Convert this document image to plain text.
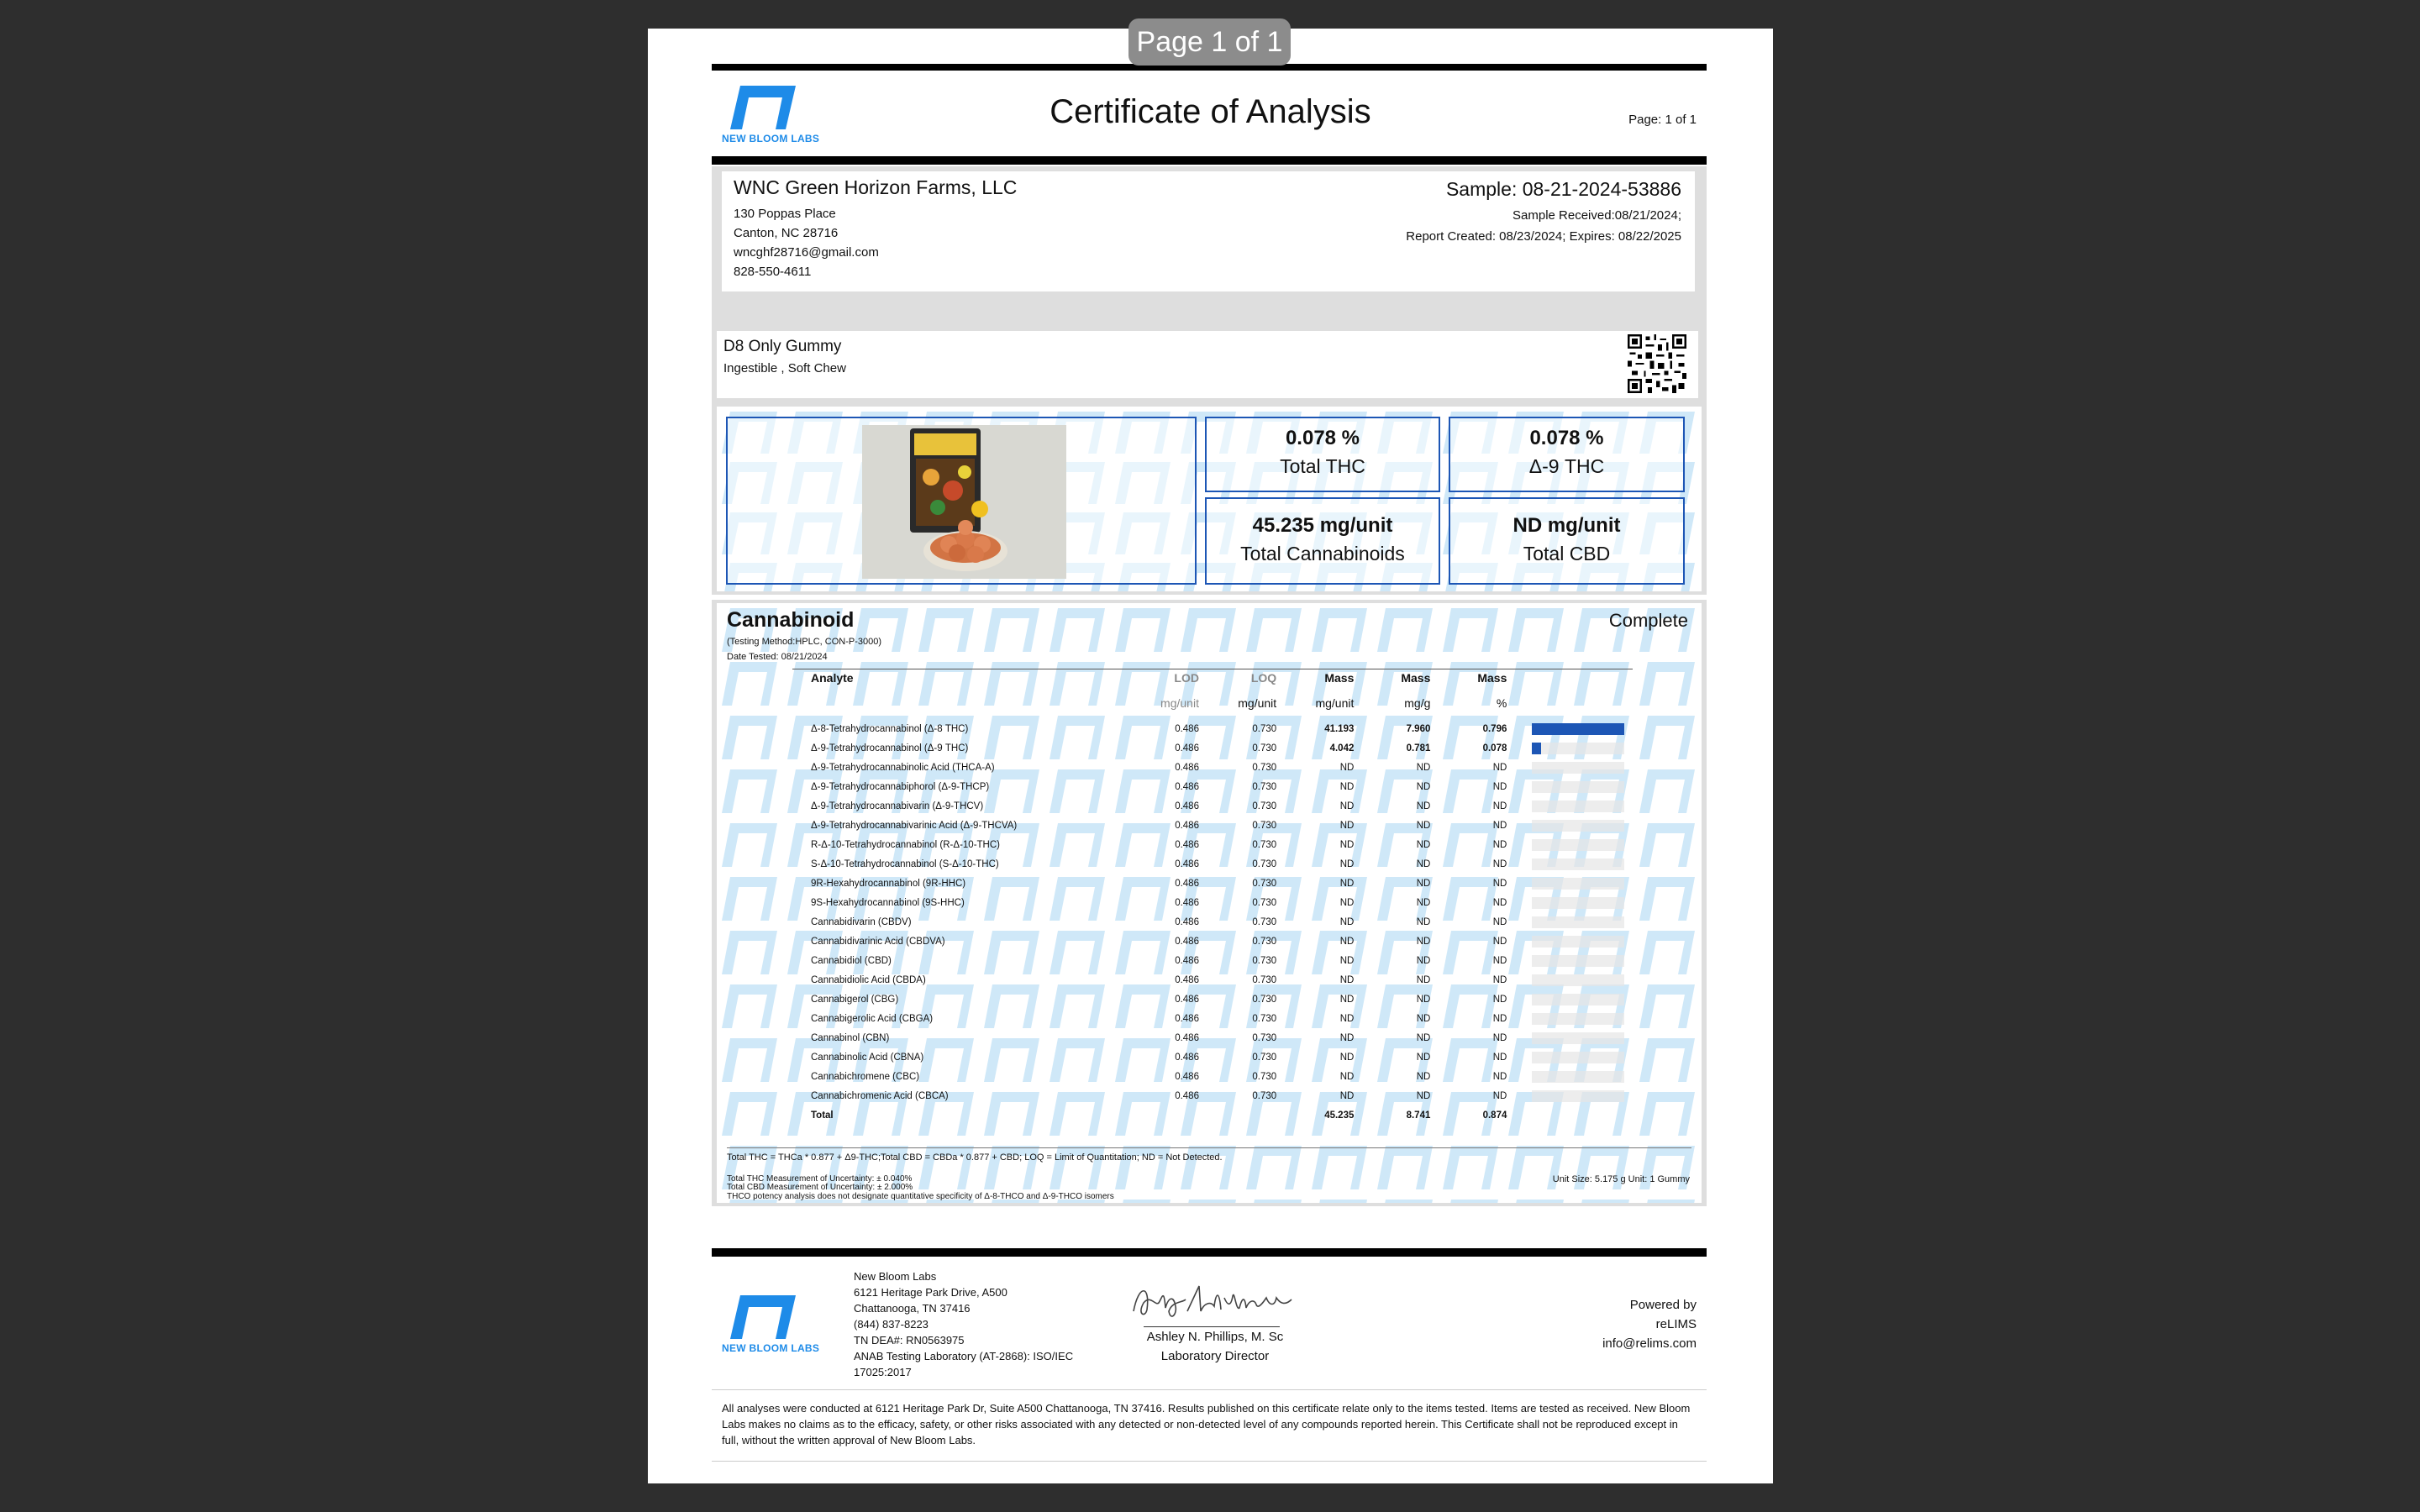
Page 1 of 1
NEW BLOOM LABS
Certificate of Analysis	Page: 1 of 1
WNC Green Horizon Farms, LLC
130 Poppas Place
Canton, NC 28716
wncghf28716@gmail.com
828-550-4611
Sample: 08-21-2024-53886
Sample Received:08/21/2024;
Report Created: 08/23/2024; Expires: 08/22/2025
D8 Only Gummy
Ingestible , Soft Chew
0.078 %
Total THC
0.078 %
Δ-9 THC
45.235 mg/unit
Total Cannabinoids
ND mg/unit
Total CBD
Cannabinoid	Complete
(Testing Method:HPLC, CON-P-3000)
Date Tested: 08/21/2024
Analyte	LOD	LOQ	Mass	Mass	Mass	
	mg/unit	mg/unit	mg/unit	mg/g	%	
Δ-8-Tetrahydrocannabinol (Δ-8 THC)	0.486	0.730	41.193	7.960	0.796	

Δ-9-Tetrahydrocannabinol (Δ-9 THC)	0.486	0.730	4.042	0.781	0.078	

Δ-9-Tetrahydrocannabinolic Acid (THCA-A)	0.486	0.730	ND	ND	ND	

Δ-9-Tetrahydrocannabiphorol (Δ-9-THCP)	0.486	0.730	ND	ND	ND	

Δ-9-Tetrahydrocannabivarin (Δ-9-THCV)	0.486	0.730	ND	ND	ND	

Δ-9-Tetrahydrocannabivarinic Acid (Δ-9-THCVA)	0.486	0.730	ND	ND	ND	

R-Δ-10-Tetrahydrocannabinol (R-Δ-10-THC)	0.486	0.730	ND	ND	ND	

S-Δ-10-Tetrahydrocannabinol (S-Δ-10-THC)	0.486	0.730	ND	ND	ND	

9R-Hexahydrocannabinol (9R-HHC)	0.486	0.730	ND	ND	ND	

9S-Hexahydrocannabinol (9S-HHC)	0.486	0.730	ND	ND	ND	

Cannabidivarin (CBDV)	0.486	0.730	ND	ND	ND	

Cannabidivarinic Acid (CBDVA)	0.486	0.730	ND	ND	ND	

Cannabidiol (CBD)	0.486	0.730	ND	ND	ND	

Cannabidiolic Acid (CBDA)	0.486	0.730	ND	ND	ND	

Cannabigerol (CBG)	0.486	0.730	ND	ND	ND	

Cannabigerolic Acid (CBGA)	0.486	0.730	ND	ND	ND	

Cannabinol (CBN)	0.486	0.730	ND	ND	ND	

Cannabinolic Acid (CBNA)	0.486	0.730	ND	ND	ND	

Cannabichromene (CBC)	0.486	0.730	ND	ND	ND	

Cannabichromenic Acid (CBCA)	0.486	0.730	ND	ND	ND	

Total			45.235	8.741	0.874	
Total THC = THCa * 0.877 + Δ9-THC;Total CBD = CBDa * 0.877 + CBD; LOQ = Limit of Quantitation; ND = Not Detected.
Total THC Measurement of Uncertainty: ± 0.040%
Total CBD Measurement of Uncertainty: ± 2.000%
THCO potency analysis does not designate quantitative specificity of Δ-8-THCO and Δ-9-THCO isomers
Unit Size: 5.175 g Unit: 1 Gummy
NEW BLOOM LABS
New Bloom Labs
6121 Heritage Park Drive, A500
Chattanooga, TN 37416
(844) 837-8223
TN DEA#: RN0563975
ANAB Testing Laboratory (AT-2868): ISO/IEC
17025:2017
Ashley N. Phillips, M. Sc
Laboratory Director
Powered by
reLIMS
info@relims.com
All analyses were conducted at 6121 Heritage Park Dr, Suite A500 Chattanooga, TN 37416. Results published on this certificate relate only to the items tested. Items are tested as received. New Bloom Labs makes no claims as to the efficacy, safety, or other risks associated with any detected or non-detected level of any compounds reported herein. This Certificate shall not be reproduced except in full, without the written approval of New Bloom Labs.
